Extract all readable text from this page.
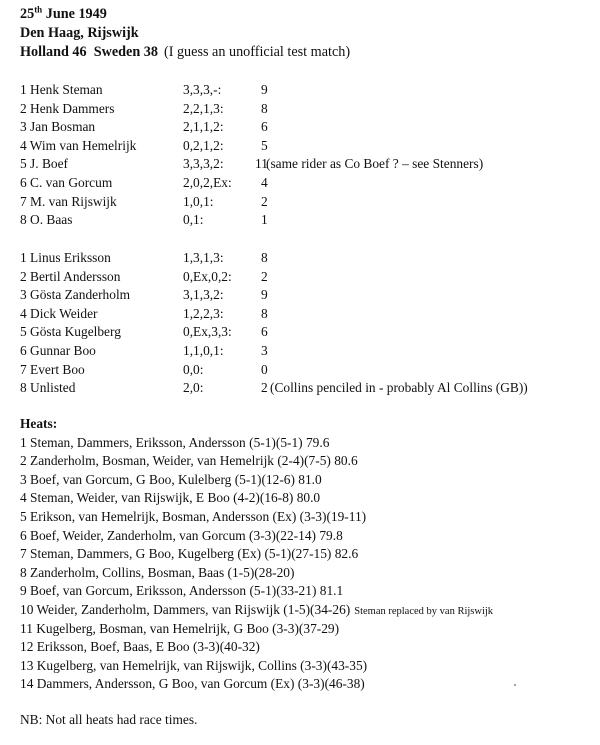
25th June 1949
Den Haag, Rijswijk
Holland 46  Sweden 38 (I guess an unofficial test match)
1 Henk Steman	3,3,3,-:	9
2 Henk Dammers	2,2,1,3:	8
3 Jan Bosman	2,1,1,2:	6
4 Wim van Hemelrijk	0,2,1,2:	5
5 J. Boef	3,3,3,2: 11
(same rider as Co Boef ? – see Stenners)
6 C. van Gorcum	2,0,2,Ex: 4
7 M. van Rijswijk	1,0,1:	2
8 O. Baas	0,1:	1
1 Linus Eriksson	1,3,1,3:	8
2 Bertil Andersson	0,Ex,0,2: 2
3 Gösta Zanderholm	3,1,3,2:	9
4 Dick Weider	1,2,2,3:	8
5 Gösta Kugelberg	0,Ex,3,3: 6
6 Gunnar Boo	1,1,0,1:	3
7 Evert Boo	0,0:	0
8 Unlisted	2,0:	2 (Collins penciled in - probably Al Collins (GB))
Heats:
1 Steman, Dammers, Eriksson, Andersson (5-1)(5-1) 79.6
2 Zanderholm, Bosman, Weider, van Hemelrijk (2-4)(7-5) 80.6
3 Boef, van Gorcum, G Boo, Kulelberg (5-1)(12-6) 81.0
4 Steman, Weider, van Rijswijk, E Boo (4-2)(16-8) 80.0
5 Erikson, van Hemelrijk, Bosman, Andersson (Ex) (3-3)(19-11)
6 Boef, Weider, Zanderholm, van Gorcum (3-3)(22-14) 79.8
7 Steman, Dammers, G Boo, Kugelberg (Ex) (5-1)(27-15) 82.6
8 Zanderholm, Collins, Bosman, Baas (1-5)(28-20)
9 Boef, van Gorcum, Eriksson, Andersson (5-1)(33-21) 81.1
10 Weider, Zanderholm, Dammers, van Rijswijk (1-5)(34-26) Steman replaced by van Rijswijk
11 Kugelberg, Bosman, van Hemelrijk, G Boo (3-3)(37-29)
12 Eriksson, Boef, Baas, E Boo (3-3)(40-32)
13 Kugelberg, van Hemelrijk, van Rijswijk, Collins (3-3)(43-35)
14 Dammers, Andersson, G Boo, van Gorcum (Ex) (3-3)(46-38)
NB: Not all heats had race times.
